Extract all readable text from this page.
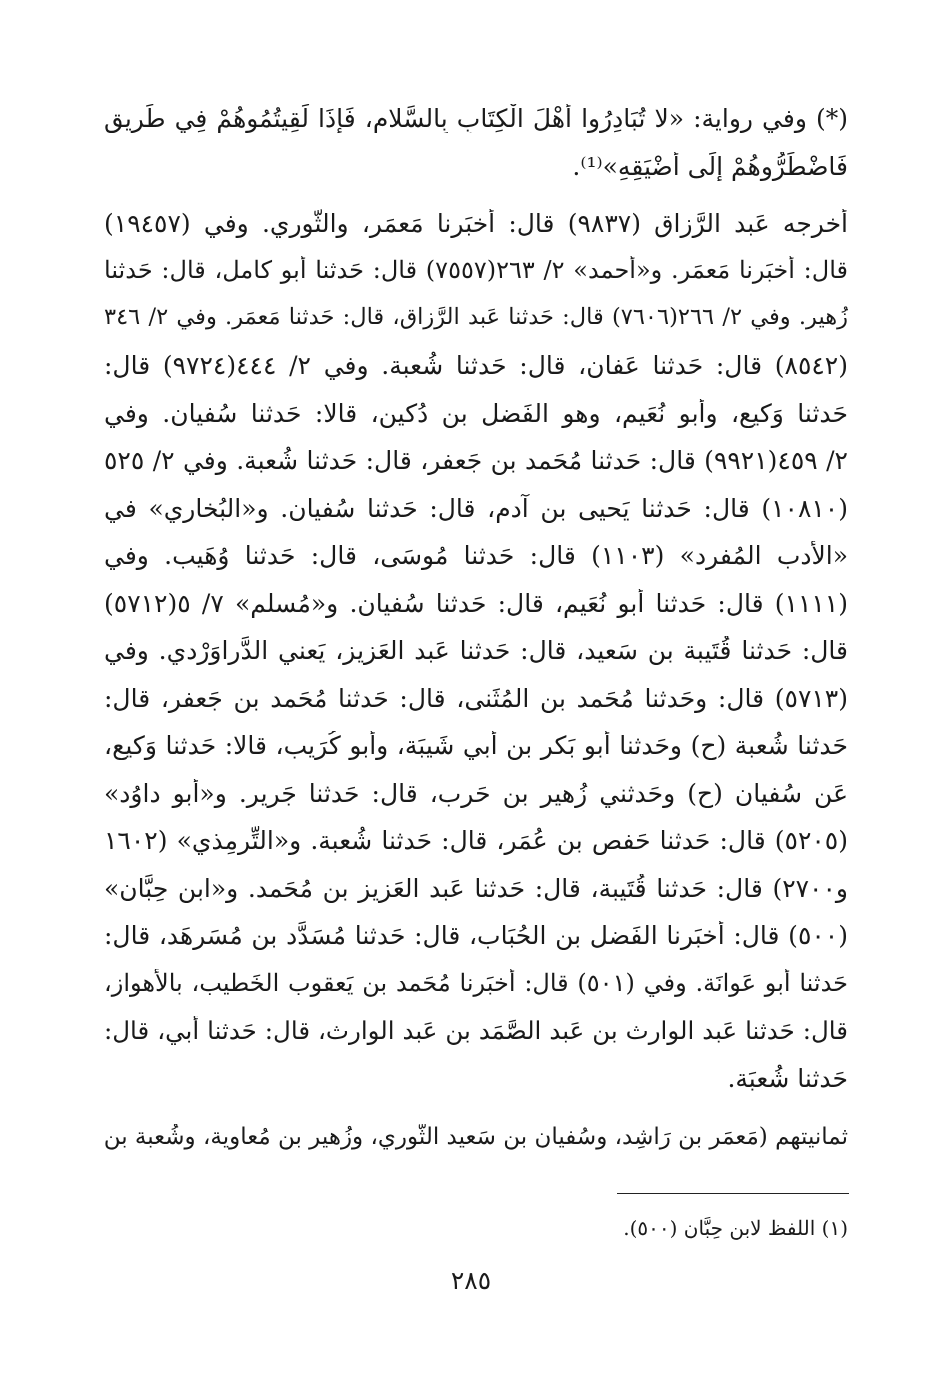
(*) وفي رواية: «لا تُبَادِرُوا أَهْلَ الْكِتَابِ بِالسَّلامِ، فَإِذَا لَقِيتُمُوهُمْ فِي طَرِيقٍ
فَاضْطَرُّوهُمْ إِلَى أَضْيَقِهِ»⁽¹⁾.
أَخرجه عَبد الرَّزاق (٩٨٣٧) قال: أَخبَرنا مَعمَر، والثَّوري. وفي (١٩٤٥٧)
قال: أَخبَرنا مَعمَر. و«أَحمد» ٢/ ٢٦٣(٧٥٥٧) قال: حَدثنا أَبو كامل، قال: حَدثنا
زُهير. وفي ٢/ ٢٦٦(٧٦٠٦) قال: حَدثنا عَبد الرَّزاق، قال: حَدثنا مَعمَر. وفي ٢/ ٣٤٦
(٨٥٤٢) قال: حَدثنا عَفان، قال: حَدثنا شُعبة. وفي ٢/ ٤٤٤(٩٧٢٤) قال:
حَدثنا وَكيع، وأَبو نُعَيم، وهو الفَضل بن دُكين، قالا: حَدثنا سُفيان. وفي
٢/ ٤٥٩(٩٩٢١) قال: حَدثنا مُحَمد بن جَعفر، قال: حَدثنا شُعبة. وفي ٢/ ٥٢٥
(١٠٨١٠) قال: حَدثنا يَحيى بن آدم، قال: حَدثنا سُفيان. و«البُخاري» في
«الأَدب المُفرد» (١١٠٣) قال: حَدثنا مُوسَى، قال: حَدثنا وُهَيب. وفي
(١١١١) قال: حَدثنا أَبو نُعَيم، قال: حَدثنا سُفيان. و«مُسلم» ٧/ ٥(٥٧١٢)
قال: حَدثنا قُتَيبة بن سَعيد، قال: حَدثنا عَبد العَزيز، يَعني الدَّراوَرْدي. وفي
(٥٧١٣) قال: وحَدثنا مُحَمد بن المُثَنى، قال: حَدثنا مُحَمد بن جَعفر، قال:
حَدثنا شُعبة (ح) وحَدثنا أَبو بَكر بن أَبي شَيبَة، وأَبو كُرَيب، قالا: حَدثنا وَكيع،
عَن سُفيان (ح) وحَدثني زُهير بن حَرب، قال: حَدثنا جَرير. و«أَبو داوُد»
(٥٢٠٥) قال: حَدثنا حَفص بن عُمَر، قال: حَدثنا شُعبة. و«التِّرمِذي» (١٦٠٢
و٢٧٠٠) قال: حَدثنا قُتَيبة، قال: حَدثنا عَبد العَزيز بن مُحَمد. و«ابن حِبَّان»
(٥٠٠) قال: أَخبَرنا الفَضل بن الحُبَاب، قال: حَدثنا مُسَدَّد بن مُسَرهَد، قال:
حَدثنا أَبو عَوانَة. وفي (٥٠١) قال: أَخبَرنا مُحَمد بن يَعقوب الخَطيب، بالأَهواز،
قال: حَدثنا عَبد الوارث بن عَبد الصَّمَد بن عَبد الوارث، قال: حَدثنا أَبي، قال:
حَدثنا شُعبَة.
ثمانيتهم (مَعمَر بن رَاشِد، وسُفيان بن سَعيد الثَّوري، وزُهير بن مُعاوية، وشُعبة بن
(١) اللفظ لابن حِبَّان (٥٠٠).
٢٨٥
